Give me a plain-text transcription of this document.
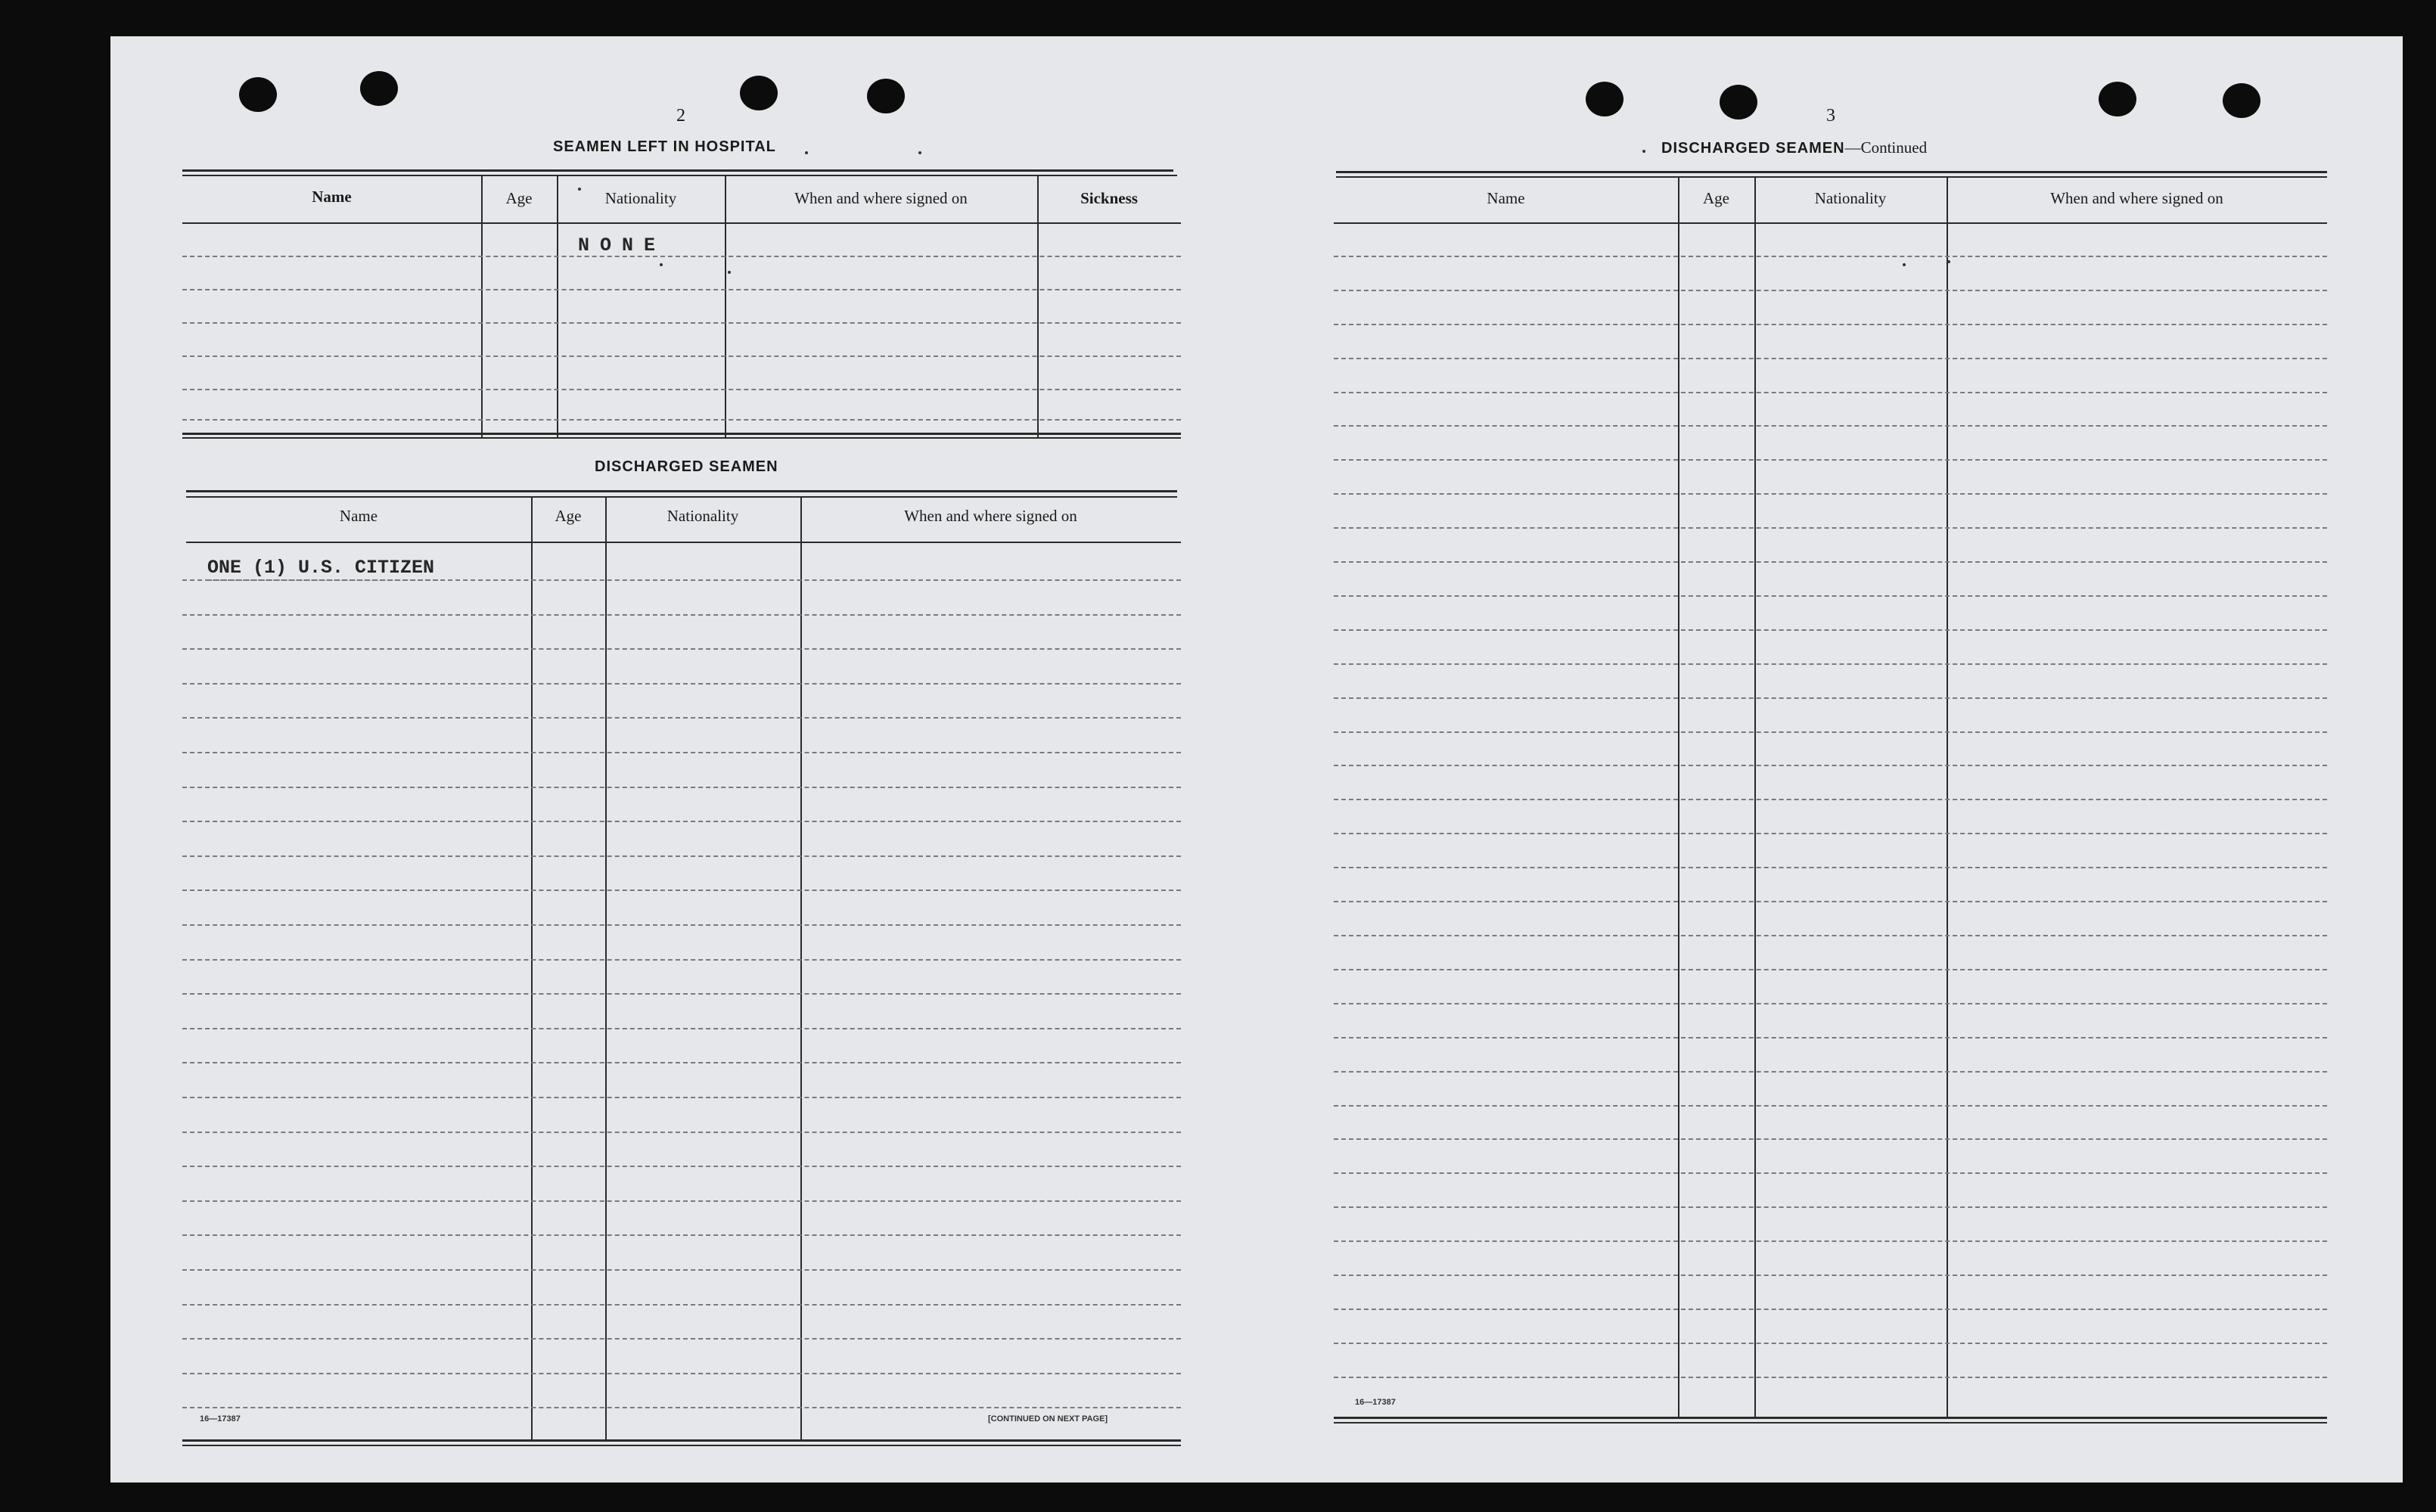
2
SEAMEN LEFT IN HOSPITAL
Name	Age	Nationality	When and where signed on	Sickness
NONE
DISCHARGED SEAMEN
Name	Age	Nationality	When and where signed on
ONE (1) U.S. CITIZEN
16—17387	[CONTINUED ON NEXT PAGE]
3
DISCHARGED SEAMEN—Continued
Name	Age	Nationality	When and where signed on
16—17387
